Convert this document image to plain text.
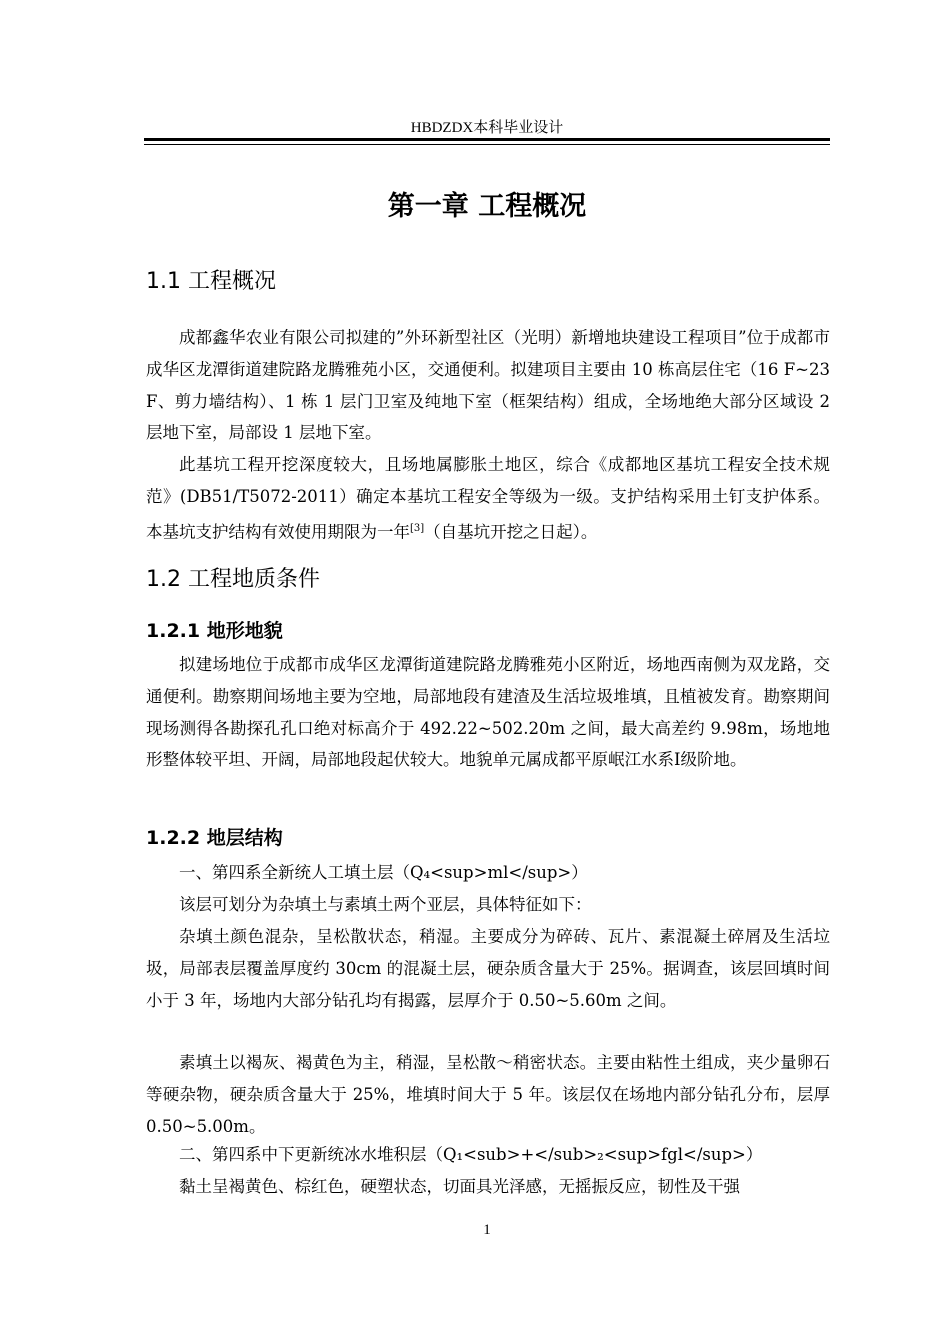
HBDZDX本科毕业设计
第一章 工程概况
1.1 工程概况

成都鑫华农业有限公司拟建的”外环新型社区（光明）新增地块建设工程项目”位于成都市成华区龙潭街道建院路龙腾雅苑小区，交通便利。拟建项目主要由 10 栋高层住宅（16 F~23 F、剪力墙结构）、1 栋 1 层门卫室及纯地下室（框架结构）组成，全场地绝大部分区域设 2 层地下室，局部设 1 层地下室。

此基坑工程开挖深度较大，且场地属膨胀土地区，综合《成都地区基坑工程安全技术规范》(DB51/T5072-2011）确定本基坑工程安全等级为一级。支护结构采用土钉支护体系。本基坑支护结构有效使用期限为一年[3]（自基坑开挖之日起）。

1.2 工程地质条件
1.2.1 地形地貌

拟建场地位于成都市成华区龙潭街道建院路龙腾雅苑小区附近，场地西南侧为双龙路，交通便利。勘察期间场地主要为空地，局部地段有建渣及生活垃圾堆填，且植被发育。勘察期间现场测得各勘探孔孔口绝对标高介于 492.22~502.20m 之间，最大高差约 9.98m，场地地形整体较平坦、开阔，局部地段起伏较大。地貌单元属成都平原岷江水系Ⅰ级阶地。

1.2.2 地层结构

一、第四系全新统人工填土层（Q₄<sup>ml</sup>）

该层可划分为杂填土与素填土两个亚层，具体特征如下：

杂填土颜色混杂，呈松散状态，稍湿。主要成分为碎砖、瓦片、素混凝土碎屑及生活垃圾，局部表层覆盖厚度约 30cm 的混凝土层，硬杂质含量大于 25%。据调查，该层回填时间小于 3 年，场地内大部分钻孔均有揭露，层厚介于 0.50~5.60m 之间。

素填土以褐灰、褐黄色为主，稍湿，呈松散～稍密状态。主要由粘性土组成，夹少量卵石等硬杂物，硬杂质含量大于 25%，堆填时间大于 5 年。该层仅在场地内部分钻孔分布，层厚 0.50~5.00m。

二、第四系中下更新统冰水堆积层（Q₁<sub>+</sub>₂<sup>fgl</sup>）

黏土呈褐黄色、棕红色，硬塑状态，切面具光泽感，无摇振反应，韧性及干强

1
